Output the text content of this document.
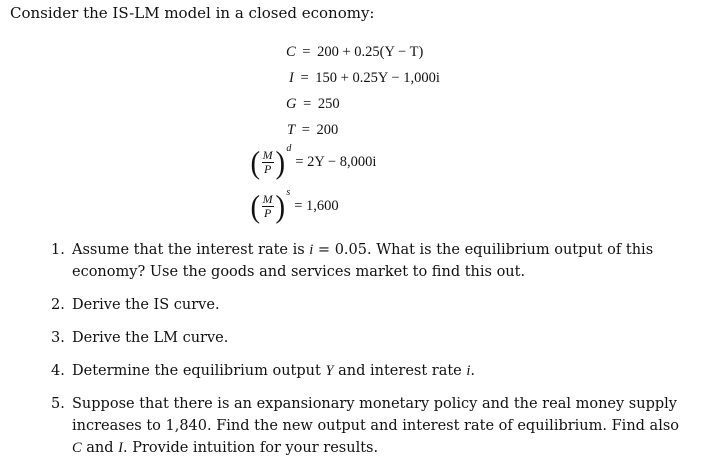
Consider the IS-LM model in a closed economy:
C = 200 + 0.25(Y − T)
I = 150 + 0.25Y − 1,000i
G = 250
T = 200
( $\frac{M}{P}$ ) d
= 2Y − 8,000i
( $\frac{M}{P}$ ) s
= 1,600
1. Assume that the interest rate is i = 0.05. What is the equilibrium output of this economy? Use the goods and services market to find this out.
2. Derive the IS curve.
3. Derive the LM curve.
4. Determine the equilibrium output Y and interest rate i.
5. Suppose that there is an expansionary monetary policy and the real money supply increases to 1,840. Find the new output and interest rate of equilibrium. Find also C and I. Provide intuition for your results.
